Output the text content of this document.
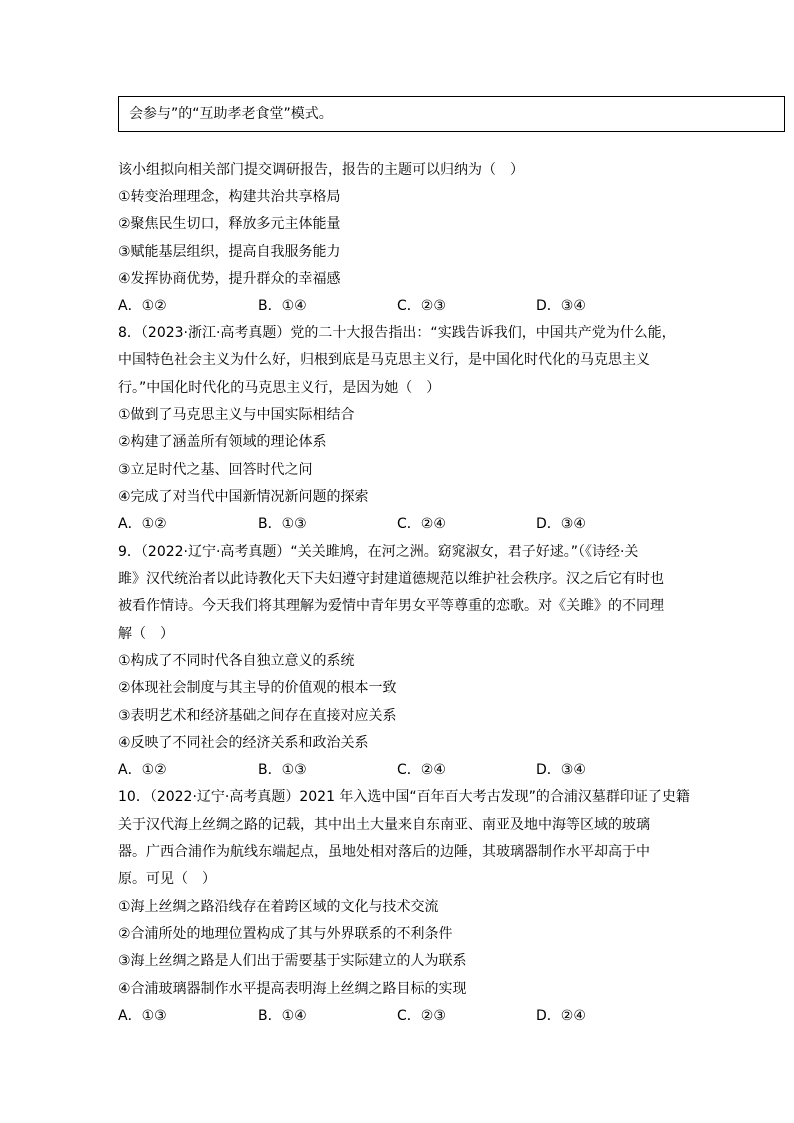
会参与”的“互助孝老食堂”模式。
该小组拟向相关部门提交调研报告，报告的主题可以归纳为（　）
①转变治理理念，构建共治共享格局
②聚焦民生切口，释放多元主体能量
③赋能基层组织，提高自我服务能力
④发挥协商优势，提升群众的幸福感
A．①②	B．①④	C．②③	D．③④
8．（2023·浙江·高考真题）党的二十大报告指出：“实践告诉我们，中国共产党为什么能，
中国特色社会主义为什么好，归根到底是马克思主义行，是中国化时代化的马克思主义
行。”中国化时代化的马克思主义行，是因为她（　）
①做到了马克思主义与中国实际相结合
②构建了涵盖所有领域的理论体系
③立足时代之基、回答时代之问
④完成了对当代中国新情况新问题的探索
A．①②	B．①③	C．②④	D．③④
9．（2022·辽宁·高考真题）“关关雎鸠，在河之洲。窈窕淑女，君子好逑。”（《诗经·关
雎》汉代统治者以此诗教化天下夫妇遵守封建道德规范以维护社会秩序。汉之后它有时也
被看作情诗。今天我们将其理解为爱情中青年男女平等尊重的恋歌。对《关雎》的不同理
解（　）
①构成了不同时代各自独立意义的系统
②体现社会制度与其主导的价值观的根本一致
③表明艺术和经济基础之间存在直接对应关系
④反映了不同社会的经济关系和政治关系
A．①②	B．①③	C．②④	D．③④
10．（2022·辽宁·高考真题）2021 年入选中国“百年百大考古发现”的合浦汉墓群印证了史籍
关于汉代海上丝绸之路的记载，其中出土大量来自东南亚、南亚及地中海等区域的玻璃
器。广西合浦作为航线东端起点，虽地处相对落后的边陲，其玻璃器制作水平却高于中
原。可见（　）
①海上丝绸之路沿线存在着跨区域的文化与技术交流
②合浦所处的地理位置构成了其与外界联系的不利条件
③海上丝绸之路是人们出于需要基于实际建立的人为联系
④合浦玻璃器制作水平提高表明海上丝绸之路目标的实现
A．①③	B．①④	C．②③	D．②④
